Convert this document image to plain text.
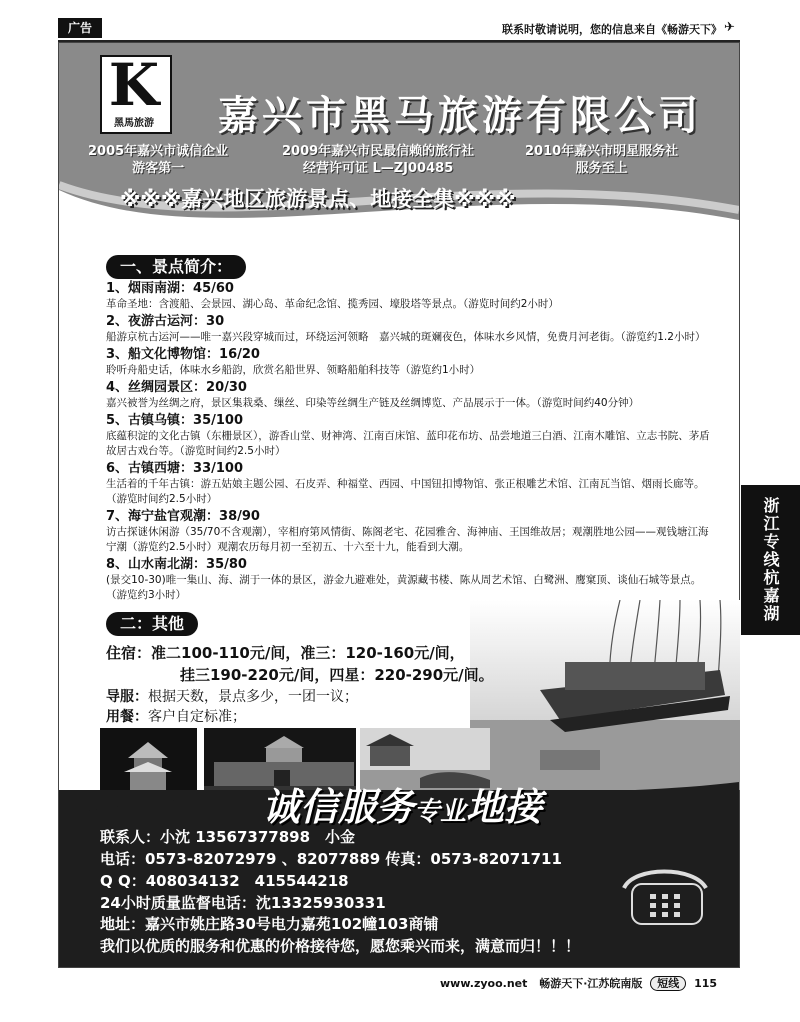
广告	联系时敬请说明，您的信息来自《畅游天下》 ✈
K
黑馬旅游 嘉兴市黑马旅游有限公司
2005年嘉兴市诚信企业
游客第一
2009年嘉兴市民最信赖的旅行社
经营许可证 L—ZJ00485
2010年嘉兴市明星服务社
服务至上
※※※嘉兴地区旅游景点、地接全集※※※
一、景点简介：
1、烟雨南湖：45/60
革命圣地：含渡船、会景园、湖心岛、革命纪念馆、揽秀园、壕股塔等景点。（游览时间约2小时）
2、夜游古运河：30
船游京杭古运河——唯一嘉兴段穿城而过，环绕运河领略　嘉兴城的斑斓夜色，体味水乡风情，免费月河老街。（游览约1.2小时）
3、船文化博物馆：16/20
聆听舟船史话，体味水乡船韵，欣赏名船世界、领略船舶科技等（游览约1小时）
4、丝绸园景区：20/30
嘉兴被誉为丝绸之府，景区集栽桑、缫丝、印染等丝绸生产链及丝绸博览、产品展示于一体。（游览时间约40分钟）
5、古镇乌镇：35/100
底蕴积淀的文化古镇（东栅景区），游香山堂、财神湾、江南百床馆、蓝印花布坊、品尝地道三白酒、江南木雕馆、立志书院、茅盾故居古戏台等。（游览时间约2.5小时）
6、古镇西塘：33/100
生活着的千年古镇：游五姑娘主题公园、石皮弄、种福堂、西园、中国钮扣博物馆、张正根雕艺术馆、江南瓦当馆、烟雨长廊等。（游览时间约2.5小时）
7、海宁盐官观潮：38/90
访古探谜休闲游（35/70不含观潮），宰相府第风情街、陈阁老宅、花园雅舍、海神庙、王国维故居；观潮胜地公园——观钱塘江海宁潮（游览约2.5小时）观潮农历每月初一至初五、十六至十九，能看到大潮。
8、山水南北湖：35/80
(景交10-30)唯一集山、海、湖于一体的景区，游金九避难处，黄源藏书楼、陈从周艺术馆、白鹭洲、鹰窠顶、谈仙石城等景点。（游览约3小时）
二：其他
住宿：准二100-110元/间，准三：120-160元/间，
挂三190-220元/间，四星：220-290元/间。
导服：根据天数，景点多少，一团一议；
用餐：客户自定标准；
诚信服务专业地接
联系人：小沈 13567377898　小金
电话：0573-82072979 、82077889 传真：0573-82071711
Q Q：408034132　415544218
24小时质量监督电话：沈13325930331
地址：嘉兴市姚庄路30号电力嘉苑102幢103商铺
我们以优质的服务和优惠的价格接待您，愿您乘兴而来，满意而归！！！
浙江专线杭嘉湖
www.zyoo.net 畅游天下·江苏皖南版 短线 115
